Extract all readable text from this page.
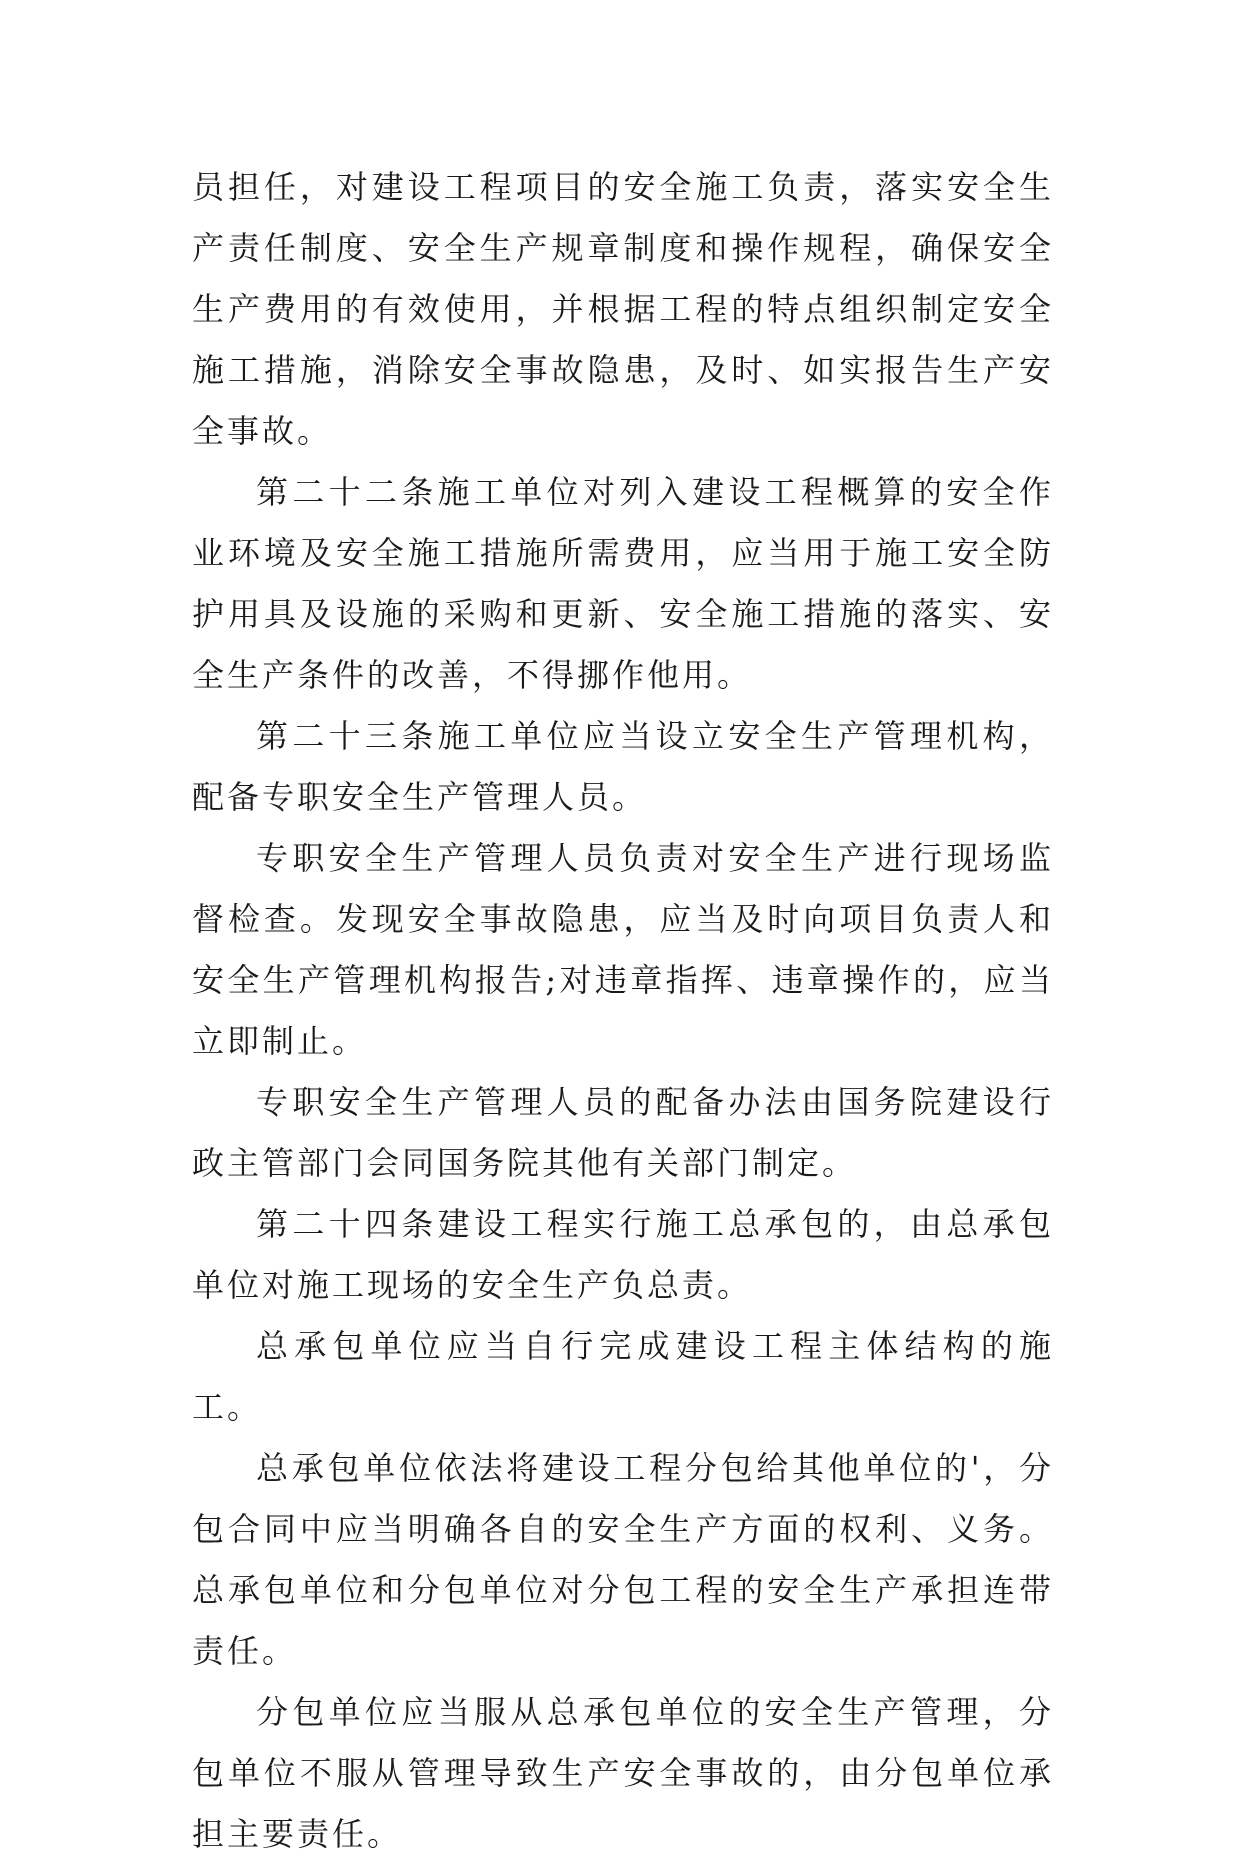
员担任，对建设工程项目的安全施工负责，落实安全生产责任制度、安全生产规章制度和操作规程，确保安全生产费用的有效使用，并根据工程的特点组织制定安全施工措施，消除安全事故隐患，及时、如实报告生产安全事故。

第二十二条施工单位对列入建设工程概算的安全作业环境及安全施工措施所需费用，应当用于施工安全防护用具及设施的采购和更新、安全施工措施的落实、安全生产条件的改善，不得挪作他用。

第二十三条施工单位应当设立安全生产管理机构，配备专职安全生产管理人员。

专职安全生产管理人员负责对安全生产进行现场监督检查。发现安全事故隐患，应当及时向项目负责人和安全生产管理机构报告;对违章指挥、违章操作的，应当立即制止。

专职安全生产管理人员的配备办法由国务院建设行政主管部门会同国务院其他有关部门制定。

第二十四条建设工程实行施工总承包的，由总承包单位对施工现场的安全生产负总责。

总承包单位应当自行完成建设工程主体结构的施工。

总承包单位依法将建设工程分包给其他单位的'，分包合同中应当明确各自的安全生产方面的权利、义务。总承包单位和分包单位对分包工程的安全生产承担连带责任。

分包单位应当服从总承包单位的安全生产管理，分包单位不服从管理导致生产安全事故的，由分包单位承担主要责任。
